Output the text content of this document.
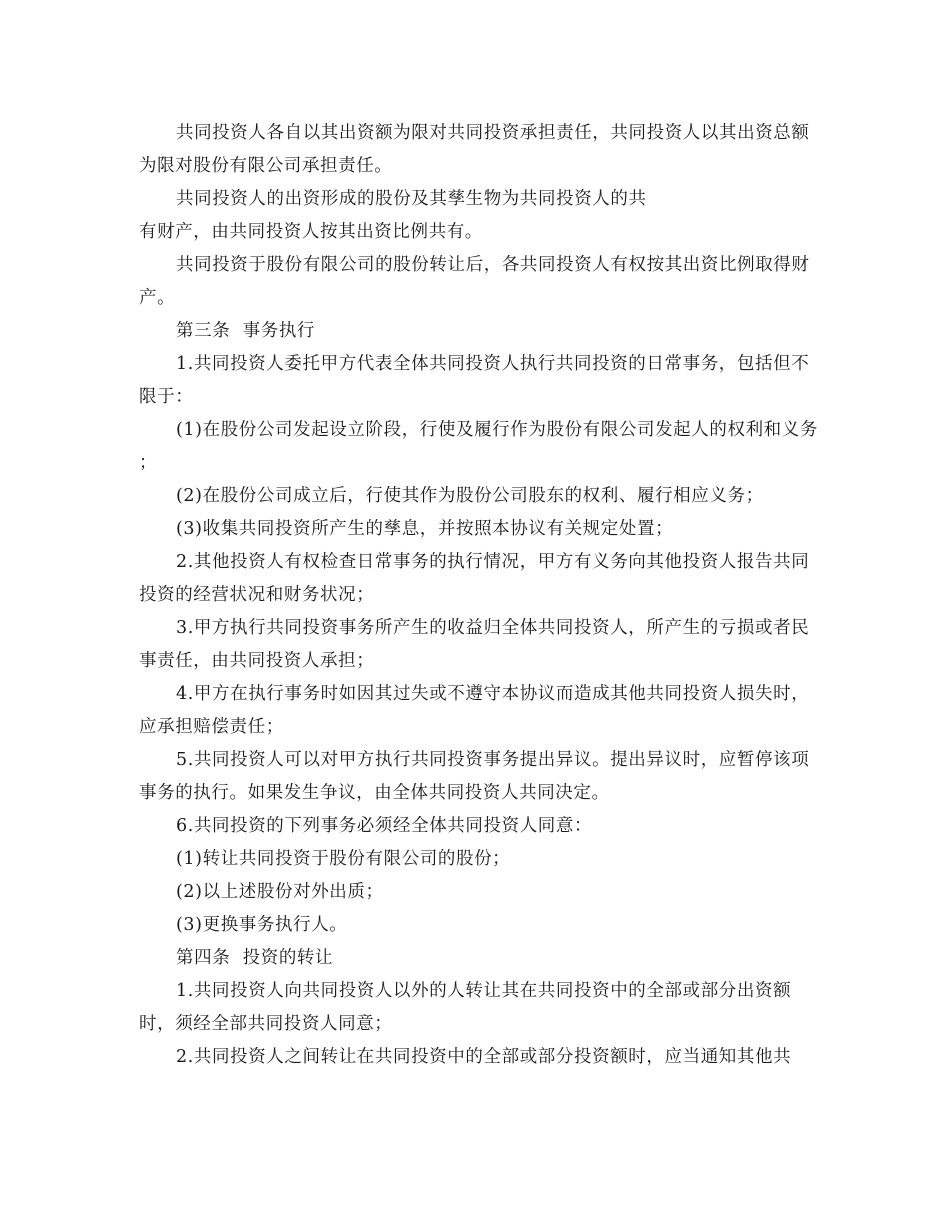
共同投资人各自以其出资额为限对共同投资承担责任，共同投资人以其出资总额为限对股份有限公司承担责任。

共同投资人的出资形成的股份及其孳生物为共同投资人的共

有财产，由共同投资人按其出资比例共有。

共同投资于股份有限公司的股份转让后，各共同投资人有权按其出资比例取得财产。

第三条  事务执行

1.共同投资人委托甲方代表全体共同投资人执行共同投资的日常事务，包括但不限于：

(1)在股份公司发起设立阶段，行使及履行作为股份有限公司发起人的权利和义务 ；

(2)在股份公司成立后，行使其作为股份公司股东的权利、履行相应义务；

(3)收集共同投资所产生的孳息，并按照本协议有关规定处置；

2.其他投资人有权检查日常事务的执行情况，甲方有义务向其他投资人报告共同投资的经营状况和财务状况；

3.甲方执行共同投资事务所产生的收益归全体共同投资人，所产生的亏损或者民事责任，由共同投资人承担；

4.甲方在执行事务时如因其过失或不遵守本协议而造成其他共同投资人损失时，应承担赔偿责任；

5.共同投资人可以对甲方执行共同投资事务提出异议。提出异议时，应暂停该项事务的执行。如果发生争议，由全体共同投资人共同决定。

6.共同投资的下列事务必须经全体共同投资人同意：

(1)转让共同投资于股份有限公司的股份；

(2)以上述股份对外出质；

(3)更换事务执行人。

第四条  投资的转让

1.共同投资人向共同投资人以外的人转让其在共同投资中的全部或部分出资额时，须经全部共同投资人同意；

2.共同投资人之间转让在共同投资中的全部或部分投资额时，应当通知其他共
